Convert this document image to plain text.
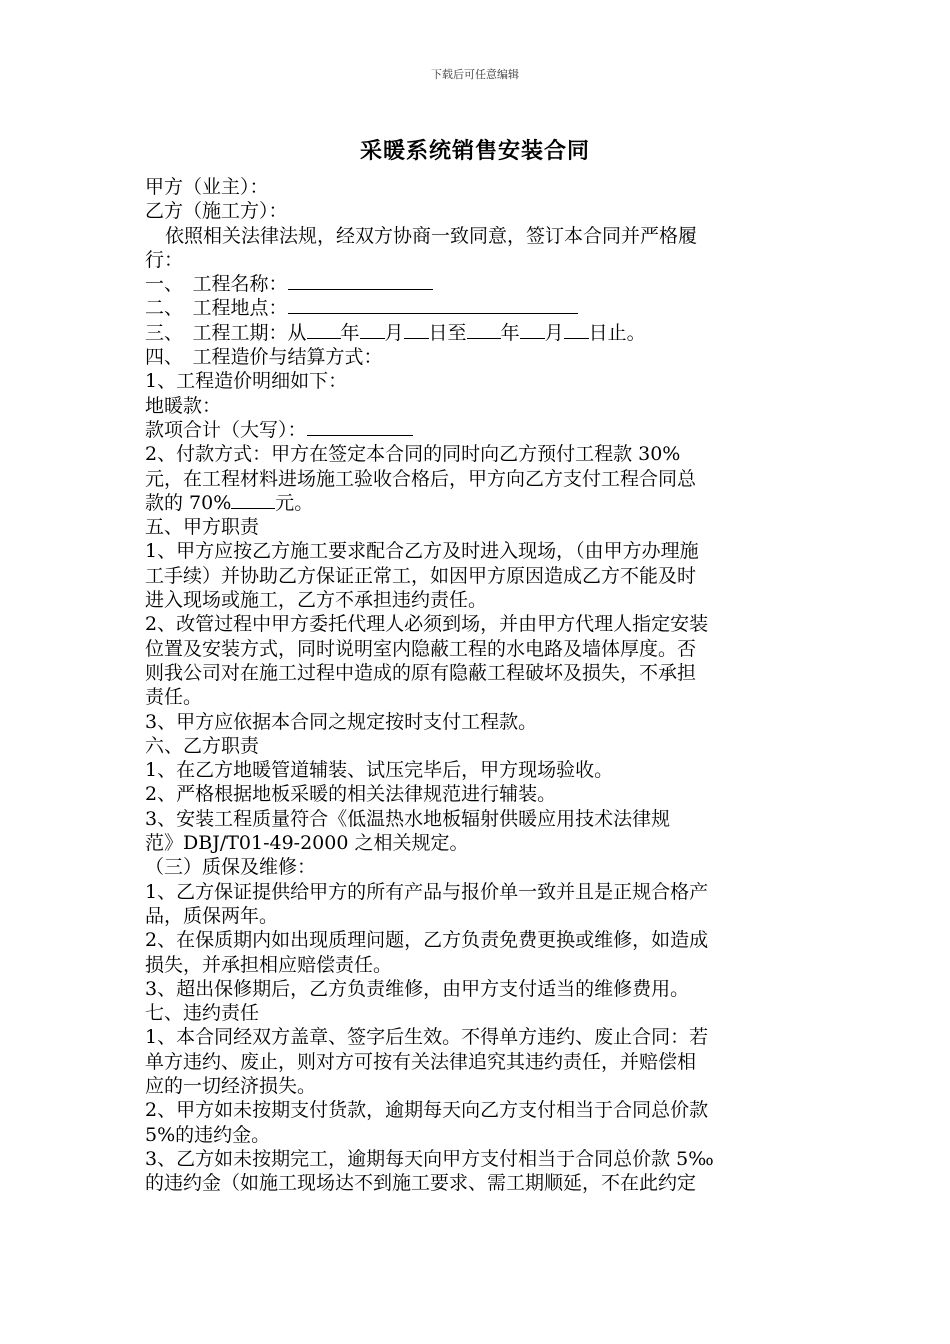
下载后可任意编辑
采暖系统销售安装合同
甲方（业主）：
乙方（施工方）：
依照相关法律法规，经双方协商一致同意，签订本合同并严格履
行：
一、　工程名称：
二、　工程地点：
三、　工程工期：从 年 月 日至 年 月 日止。
四、　工程造价与结算方式：
1、工程造价明细如下：
地暖款：
款项合计（大写）：
2、付款方式：甲方在签定本合同的同时向乙方预付工程款 30%
元，在工程材料进场施工验收合格后，甲方向乙方支付工程合同总
款的 70% 元。
五、甲方职责
1、甲方应按乙方施工要求配合乙方及时进入现场，（由甲方办理施
工手续）并协助乙方保证正常工，如因甲方原因造成乙方不能及时
进入现场或施工，乙方不承担违约责任。
2、改管过程中甲方委托代理人必须到场，并由甲方代理人指定安装
位置及安装方式，同时说明室内隐蔽工程的水电路及墙体厚度。否
则我公司对在施工过程中造成的原有隐蔽工程破坏及损失，不承担
责任。
3、甲方应依据本合同之规定按时支付工程款。
六、乙方职责
1、在乙方地暖管道辅装、试压完毕后，甲方现场验收。
2、严格根据地板采暖的相关法律规范进行辅装。
3、安装工程质量符合《低温热水地板辐射供暖应用技术法律规
范》DBJ/T01-49-2000 之相关规定。
（三）质保及维修：
1、乙方保证提供给甲方的所有产品与报价单一致并且是正规合格产
品，质保两年。
2、在保质期内如出现质理问题，乙方负责免费更换或维修，如造成
损失，并承担相应赔偿责任。
3、超出保修期后，乙方负责维修，由甲方支付适当的维修费用。
七、违约责任
1、本合同经双方盖章、签字后生效。不得单方违约、废止合同：若
单方违约、废止，则对方可按有关法律追究其违约责任，并赔偿相
应的一切经济损失。
2、甲方如未按期支付货款，逾期每天向乙方支付相当于合同总价款
5%的违约金。
3、乙方如未按期完工，逾期每天向甲方支付相当于合同总价款 5‰
的违约金（如施工现场达不到施工要求、需工期顺延，不在此约定
